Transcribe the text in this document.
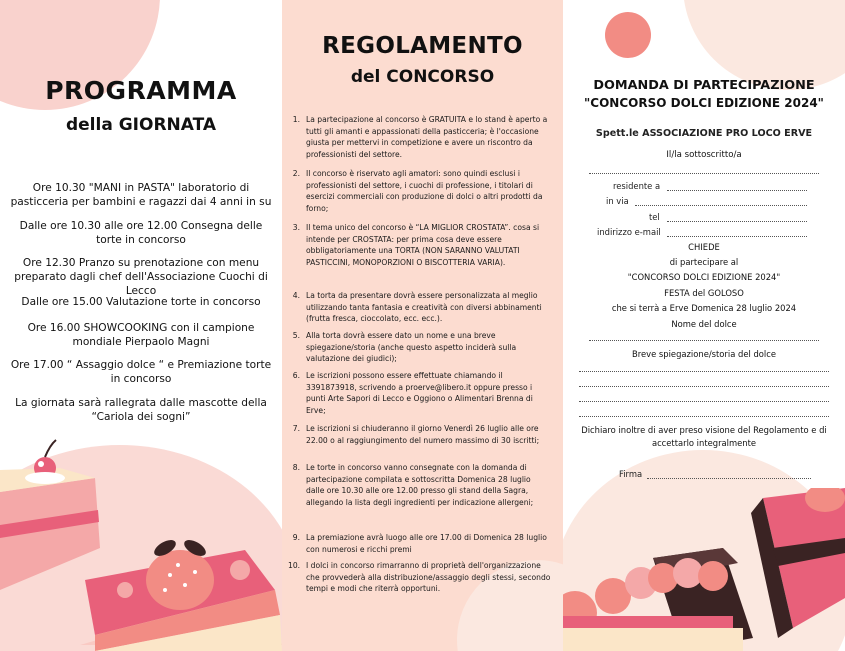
PROGRAMMA
della GIORNATA
Ore 10.30 "MANI in PASTA" laboratorio di pasticceria per bambini e ragazzi dai 4 anni in su
Dalle ore 10.30 alle ore 12.00 Consegna delle torte in concorso
Ore 12.30 Pranzo su prenotazione con menu preparato dagli chef dell'Associazione Cuochi di Lecco
Dalle ore 15.00 Valutazione torte in concorso
Ore 16.00 SHOWCOOKING con il campione mondiale Pierpaolo Magni
Ore 17.00 “ Assaggio dolce “ e Premiazione torte in concorso
La giornata sarà rallegrata dalle mascotte della “Cariola dei sogni”
REGOLAMENTO
del CONCORSO
1. La partecipazione al concorso è GRATUITA e lo stand è aperto a tutti gli amanti e appassionati della pasticceria; è l'occasione giusta per mettervi in competizione e avere un riscontro da professionisti del settore.
2. Il concorso è riservato agli amatori: sono quindi esclusi i professionisti del settore, i cuochi di professione, i titolari di esercizi commerciali con produzione di dolci o altri prodotti da forno;
3. Il tema unico del concorso è “LA MIGLIOR CROSTATA”. cosa si intende per CROSTATA: per prima cosa deve essere obbligatoriamente una TORTA (NON SARANNO VALUTATI PASTICCINI, MONOPORZIONI O BISCOTTERIA VARIA).
4. La torta da presentare dovrà essere personalizzata al meglio utilizzando tanta fantasia e creatività con diversi abbinamenti (frutta fresca, cioccolato, ecc. ecc.).
5. Alla torta dovrà essere dato un nome e una breve spiegazione/storia (anche questo aspetto inciderà sulla valutazione dei giudici);
6. Le iscrizioni possono essere effettuate chiamando il 3391873918, scrivendo a proerve@libero.it oppure presso i punti Arte Sapori di Lecco e Oggiono o Alimentari Brenna di Erve;
7. Le iscrizioni si chiuderanno il giorno Venerdì 26 luglio alle ore 22.00 o al raggiungimento del numero massimo di 30 iscritti;
8. Le torte in concorso vanno consegnate con la domanda di partecipazione compilata e sottoscritta Domenica 28 luglio dalle ore 10.30 alle ore 12.00 presso gli stand della Sagra, allegando la lista degli ingredienti per indicazione allergeni;
9. La premiazione avrà luogo alle ore 17.00 di Domenica 28 luglio con numerosi e ricchi premi
10. I dolci in concorso rimarranno di proprietà dell'organizzazione che provvederà alla distribuzione/assaggio degli stessi, secondo tempi e modi che riterrà opportuni.
DOMANDA DI PARTECIPAZIONE
"CONCORSO DOLCI EDIZIONE 2024"
Spett.le ASSOCIAZIONE PRO LOCO ERVE
Il/la sottoscritto/a
residente a
in via
tel
indirizzo e-mail
CHIEDE
di partecipare al
"CONCORSO DOLCI EDIZIONE 2024"
FESTA del GOLOSO
che si terrà a Erve Domenica 28 luglio 2024
Nome del dolce
Breve spiegazione/storia del dolce
Dichiaro inoltre di aver preso visione del Regolamento e di accettarlo integralmente
Firma
